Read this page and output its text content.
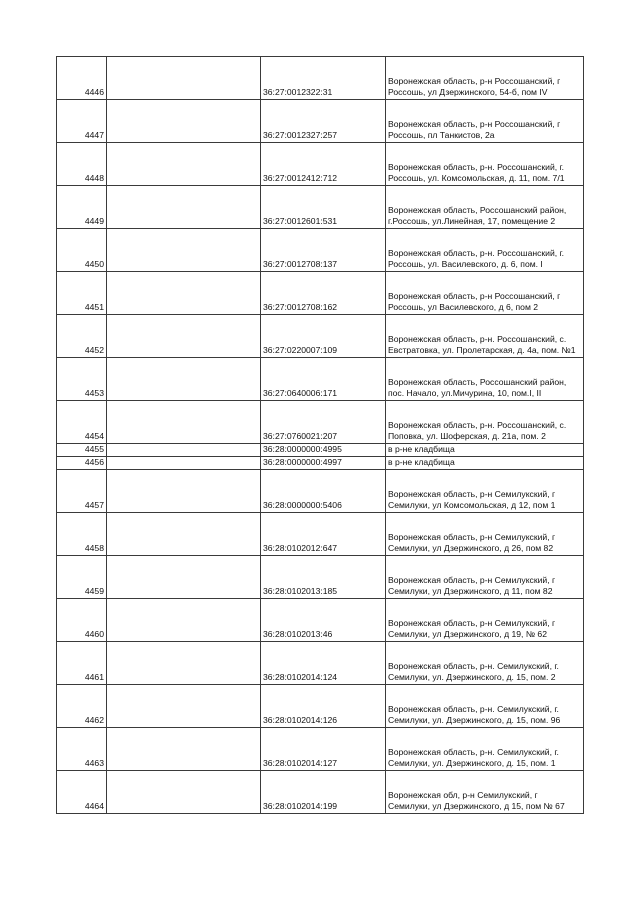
4446		36:27:0012322:31	Воронежская область, р-н Россошанский, г Россошь, ул Дзержинского, 54-б, пом IV
4447		36:27:0012327:257	Воронежская область, р-н Россошанский, г Россошь, пл Танкистов, 2а
4448		36:27:0012412:712	Воронежская область, р-н. Россошанский, г. Россошь, ул. Комсомольская, д. 11, пом. 7/1
4449		36:27:0012601:531	Воронежская область, Россошанский район, г.Россошь, ул.Линейная, 17, помещение 2
4450		36:27:0012708:137	Воронежская область, р-н. Россошанский, г. Россошь, ул. Василевского, д. 6, пом. I
4451		36:27:0012708:162	Воронежская область, р-н Россошанский, г Россошь, ул Василевского, д 6, пом 2
4452		36:27:0220007:109	Воронежская область, р-н. Россошанский, с. Евстратовка, ул. Пролетарская, д. 4а, пом. №1
4453		36:27:0640006:171	Воронежская область, Россошанский район, пос. Начало, ул.Мичурина, 10, пом.I, II
4454		36:27:0760021:207	Воронежская область, р-н. Россошанский, с. Поповка, ул. Шоферская, д. 21а, пом. 2
4455		36:28:0000000:4995	в р-не кладбища
4456		36:28:0000000:4997	в р-не кладбища
4457		36:28:0000000:5406	Воронежская область, р-н Семилукский, г Семилуки, ул Комсомольская, д 12, пом 1
4458		36:28:0102012:647	Воронежская область, р-н Семилукский, г Семилуки, ул Дзержинского, д 26, пом 82
4459		36:28:0102013:185	Воронежская область, р-н Семилукский, г Семилуки, ул Дзержинского, д 11, пом 82
4460		36:28:0102013:46	Воронежская область, р-н Семилукский, г Семилуки, ул Дзержинского, д 19, № 62
4461		36:28:0102014:124	Воронежская область, р-н. Семилукский, г. Семилуки, ул. Дзержинского, д. 15, пом. 2
4462		36:28:0102014:126	Воронежская область, р-н. Семилукский, г. Семилуки, ул. Дзержинского, д. 15, пом. 96
4463		36:28:0102014:127	Воронежская область, р-н. Семилукский, г. Семилуки, ул. Дзержинского, д. 15, пом. 1
4464		36:28:0102014:199	Воронежская обл, р-н Семилукский, г Семилуки, ул Дзержинского, д 15, пом № 67
